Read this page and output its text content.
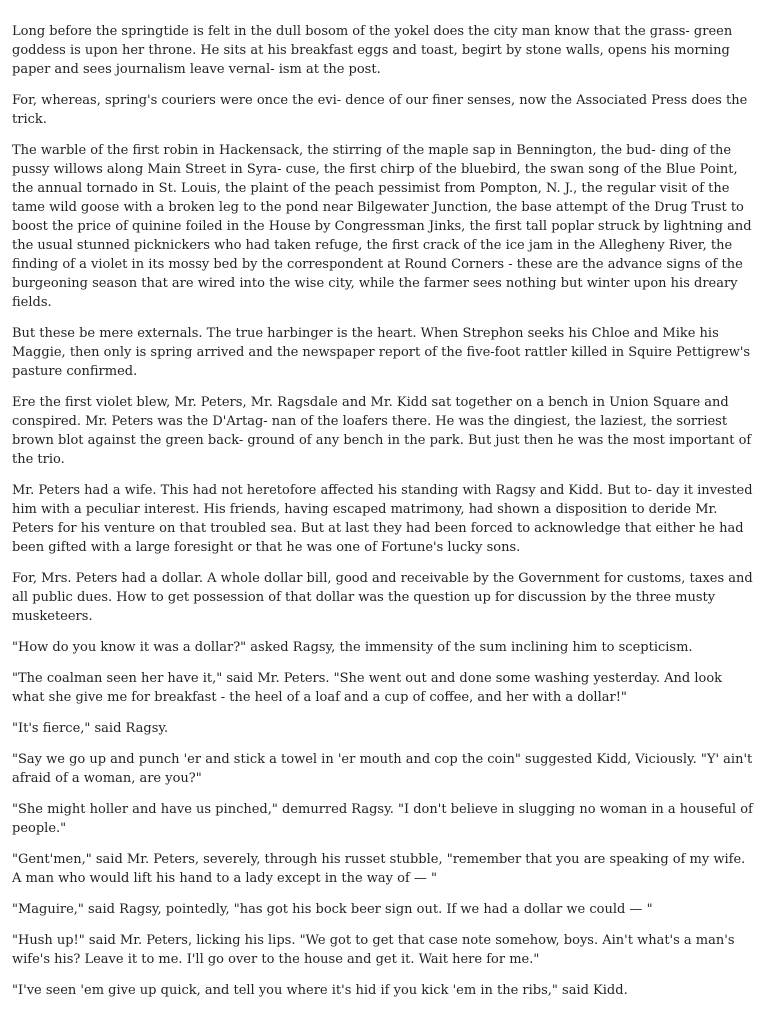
Long before the springtide is felt in the dull bosom of the yokel does the city man know that the grass- green goddess is upon her throne. He sits at his breakfast eggs and toast, begirt by stone walls, opens his morning paper and sees journalism leave vernal- ism at the post.

For, whereas, spring's couriers were once the evi- dence of our finer senses, now the Associated Press does the trick.

The warble of the first robin in Hackensack, the stirring of the maple sap in Bennington, the bud- ding of the pussy willows along Main Street in Syra- cuse, the first chirp of the bluebird, the swan song of the Blue Point, the annual tornado in St. Louis, the plaint of the peach pessimist from Pompton, N. J., the regular visit of the tame wild goose with a broken leg to the pond near Bilgewater Junction, the base attempt of the Drug Trust to boost the price of quinine foiled in the House by Congressman Jinks, the first tall poplar struck by lightning and the usual stunned picknickers who had taken refuge, the first crack of the ice jam in the Allegheny River, the finding of a violet in its mossy bed by the correspondent at Round Corners - these are the advance signs of the burgeoning season that are wired into the wise city, while the farmer sees nothing but winter upon his dreary fields.

But these be mere externals. The true harbinger is the heart. When Strephon seeks his Chloe and Mike his Maggie, then only is spring arrived and the newspaper report of the five-foot rattler killed in Squire Pettigrew's pasture confirmed.

Ere the first violet blew, Mr. Peters, Mr. Ragsdale and Mr. Kidd sat together on a bench in Union Square and conspired. Mr. Peters was the D'Artag- nan of the loafers there. He was the dingiest, the laziest, the sorriest brown blot against the green back- ground of any bench in the park. But just then he was the most important of the trio.

Mr. Peters had a wife. This had not heretofore affected his standing with Ragsy and Kidd. But to- day it invested him with a peculiar interest. His friends, having escaped matrimony, had shown a disposition to deride Mr. Peters for his venture on that troubled sea. But at last they had been forced to acknowledge that either he had been gifted with a large foresight or that he was one of Fortune's lucky sons.

For, Mrs. Peters had a dollar. A whole dollar bill, good and receivable by the Government for customs, taxes and all public dues. How to get possession of that dollar was the question up for discussion by the three musty musketeers.

"How do you know it was a dollar?" asked Ragsy, the immensity of the sum inclining him to scepticism.

"The coalman seen her have it," said Mr. Peters. "She went out and done some washing yesterday. And look what she give me for breakfast - the heel of a loaf and a cup of coffee, and her with a dollar!"

"It's fierce," said Ragsy.

"Say we go up and punch 'er and stick a towel in 'er mouth and cop the coin" suggested Kidd, Viciously. "Y' ain't afraid of a woman, are you?"

"She might holler and have us pinched," demurred Ragsy. "I don't believe in slugging no woman in a houseful of people."

"Gent'men," said Mr. Peters, severely, through his russet stubble, "remember that you are speaking of my wife. A man who would lift his hand to a lady except in the way of — "

"Maguire," said Ragsy, pointedly, "has got his bock beer sign out. If we had a dollar we could — "

"Hush up!" said Mr. Peters, licking his lips. "We got to get that case note somehow, boys. Ain't what's a man's wife's his? Leave it to me. I'll go over to the house and get it. Wait here for me."

"I've seen 'em give up quick, and tell you where it's hid if you kick 'em in the ribs," said Kidd.
